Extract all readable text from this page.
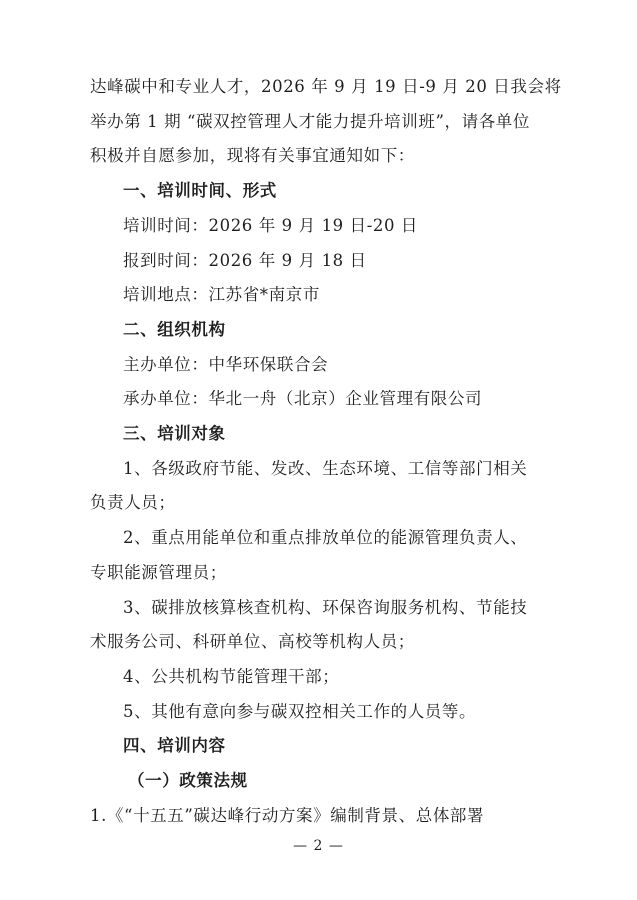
达峰碳中和专业人才，2026 年 9 月 19 日-9 月 20 日我会将
举办第 1 期 “碳双控管理人才能力提升培训班”，请各单位
积极并自愿参加，现将有关事宜通知如下：
一、培训时间、形式
培训时间：2026 年 9 月 19 日-20 日
报到时间：2026 年 9 月 18 日
培训地点：江苏省*南京市
二、组织机构
主办单位：中华环保联合会
承办单位：华北一舟（北京）企业管理有限公司
三、培训对象
1、各级政府节能、发改、生态环境、工信等部门相关
负责人员；
2、重点用能单位和重点排放单位的能源管理负责人、
专职能源管理员；
3、碳排放核算核查机构、环保咨询服务机构、节能技
术服务公司、科研单位、高校等机构人员；
4、公共机构节能管理干部；
5、其他有意向参与碳双控相关工作的人员等。
四、培训内容
（一）政策法规
1.《“十五五”碳达峰行动方案》编制背景、总体部署
— 2 —
